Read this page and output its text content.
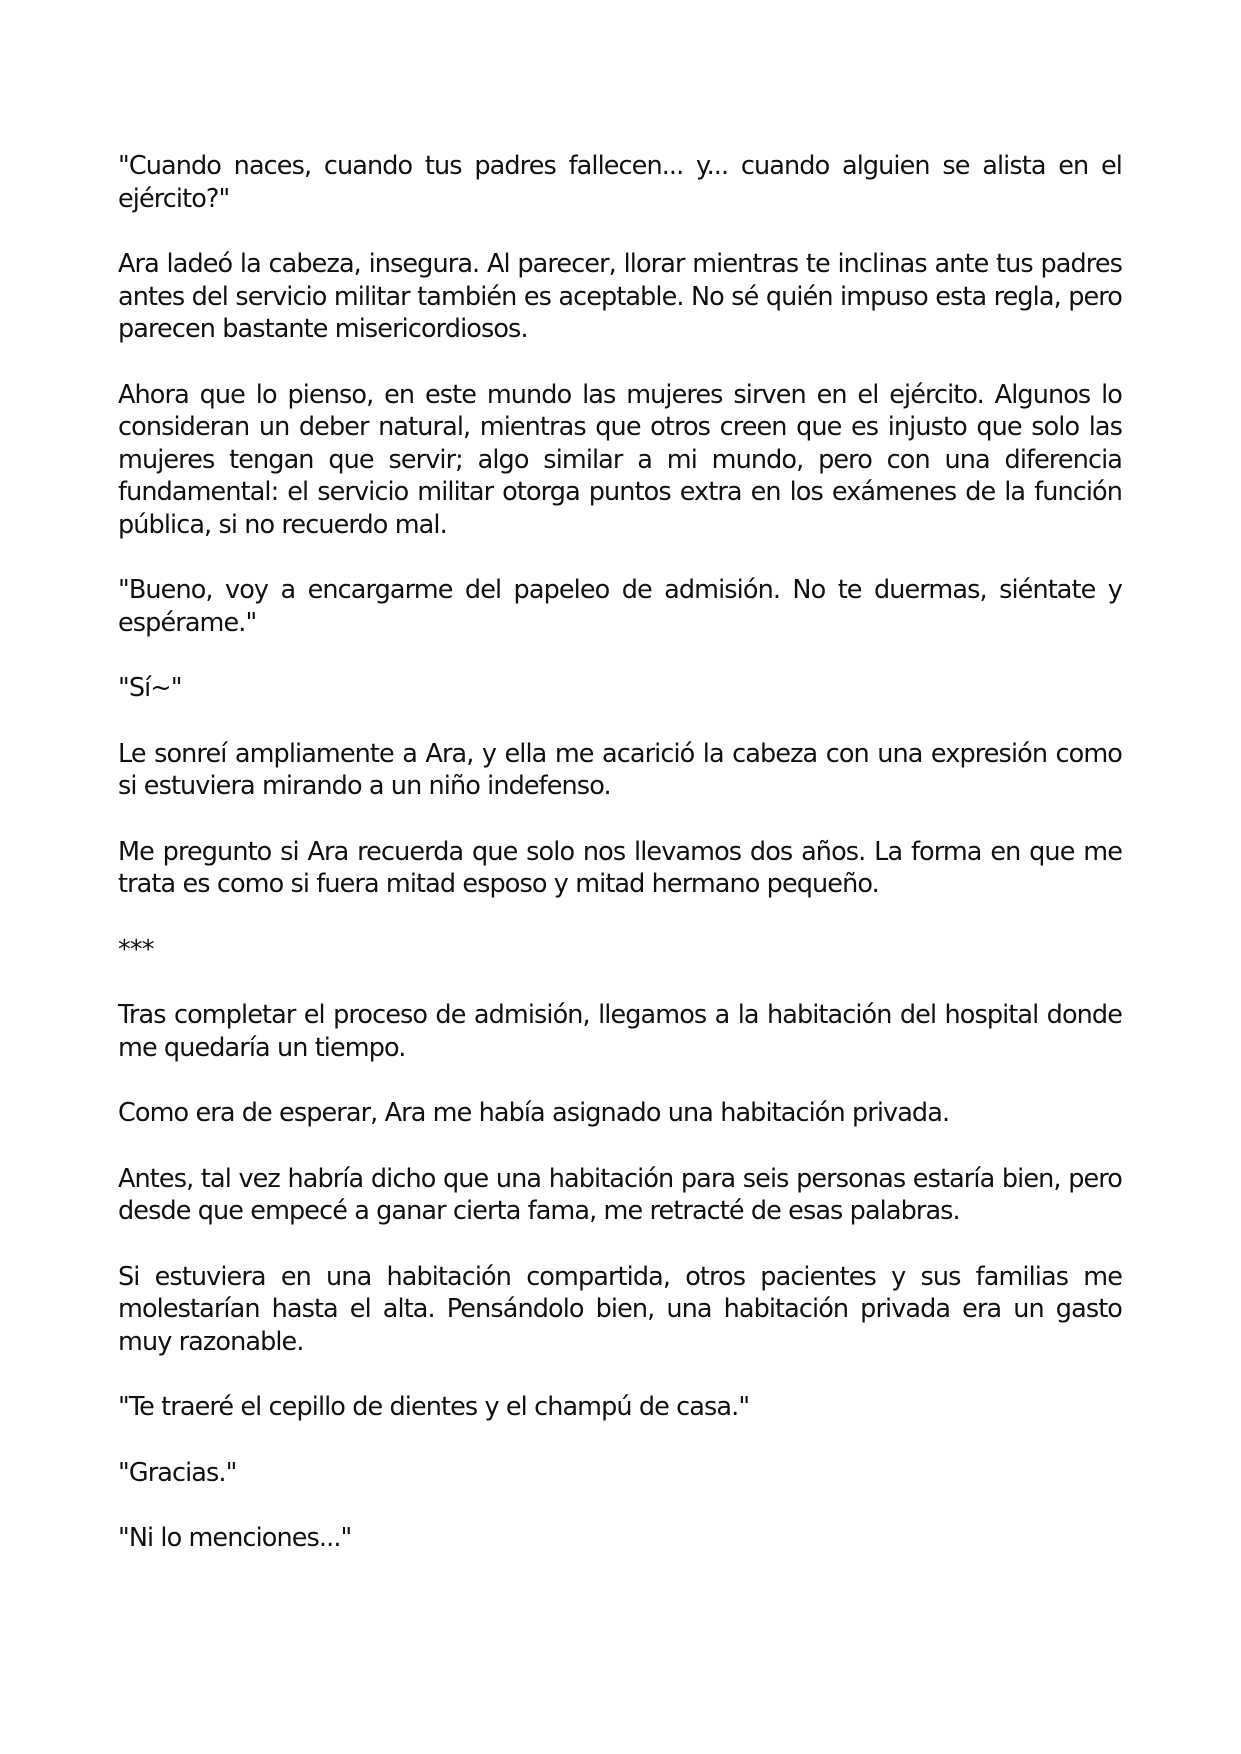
"Cuando naces, cuando tus padres fallecen... y... cuando alguien se alista en el ejército?"

Ara ladeó la cabeza, insegura. Al parecer, llorar mientras te inclinas ante tus padres antes del servicio militar también es aceptable. No sé quién impuso esta regla, pero parecen bastante misericordiosos.

Ahora que lo pienso, en este mundo las mujeres sirven en el ejército. Algunos lo consideran un deber natural, mientras que otros creen que es injusto que solo las mujeres tengan que servir; algo similar a mi mundo, pero con una diferencia fundamental: el servicio militar otorga puntos extra en los exámenes de la función pública, si no recuerdo mal.

"Bueno, voy a encargarme del papeleo de admisión. No te duermas, siéntate y espérame."

"Sí~"

Le sonreí ampliamente a Ara, y ella me acarició la cabeza con una expresión como si estuviera mirando a un niño indefenso.

Me pregunto si Ara recuerda que solo nos llevamos dos años. La forma en que me trata es como si fuera mitad esposo y mitad hermano pequeño.

***

Tras completar el proceso de admisión, llegamos a la habitación del hospital donde me quedaría un tiempo.

Como era de esperar, Ara me había asignado una habitación privada.

Antes, tal vez habría dicho que una habitación para seis personas estaría bien, pero desde que empecé a ganar cierta fama, me retracté de esas palabras.

Si estuviera en una habitación compartida, otros pacientes y sus familias me molestarían hasta el alta. Pensándolo bien, una habitación privada era un gasto muy razonable.

"Te traeré el cepillo de dientes y el champú de casa."

"Gracias."

"Ni lo menciones..."
